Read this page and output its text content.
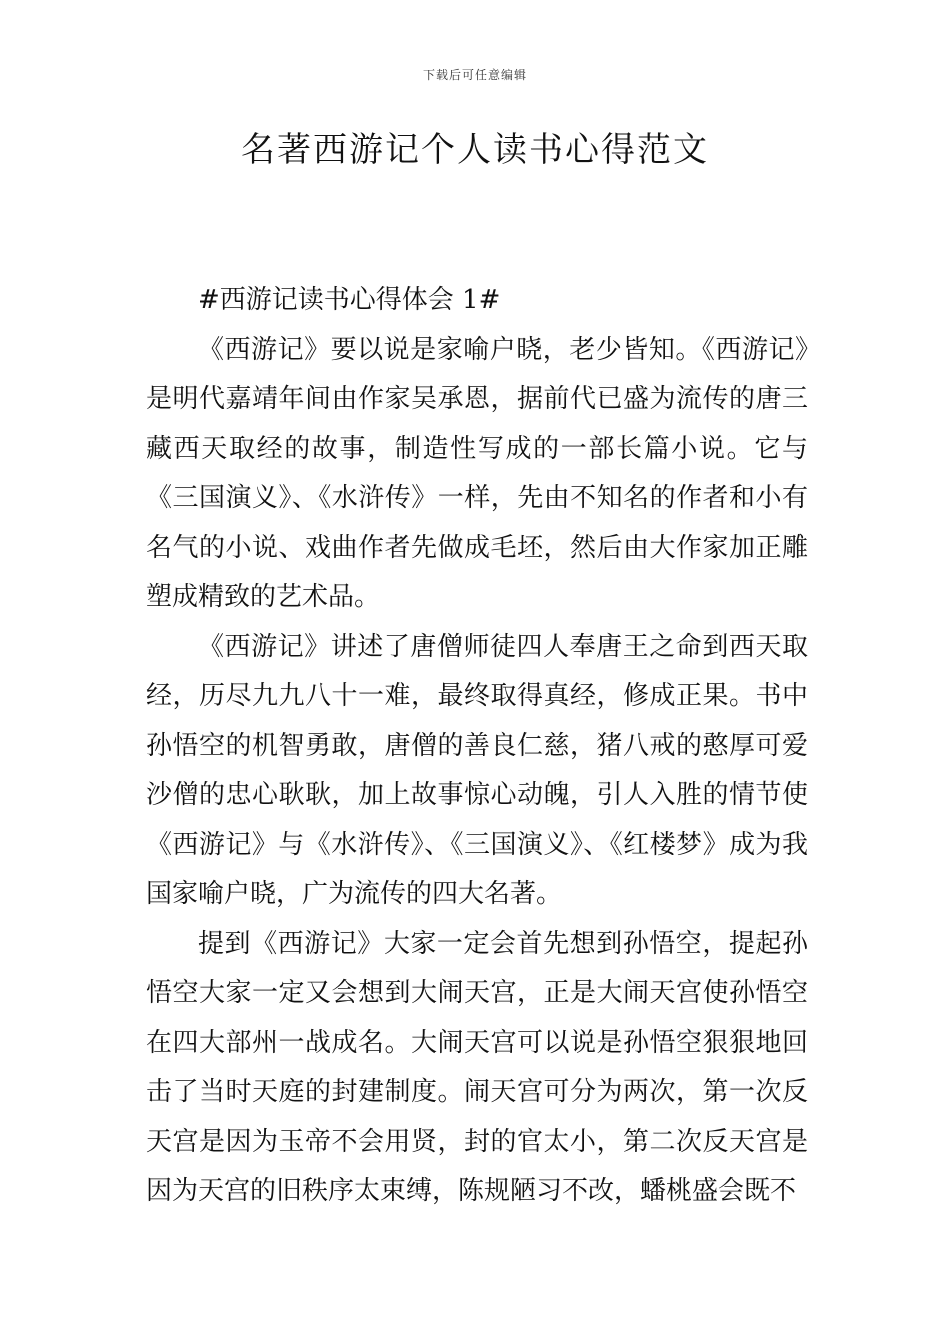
下载后可任意编辑
名著西游记个人读书心得范文

#西游记读书心得体会 1#

《西游记》要以说是家喻户晓，老少皆知。《西游记》是明代嘉靖年间由作家吴承恩，据前代已盛为流传的唐三藏西天取经的故事，制造性写成的一部长篇小说。它与《三国演义》、《水浒传》一样，先由不知名的作者和小有名气的小说、戏曲作者先做成毛坯，然后由大作家加正雕塑成精致的艺术品。

《西游记》讲述了唐僧师徒四人奉唐王之命到西天取经，历尽九九八十一难，最终取得真经，修成正果。书中孙悟空的机智勇敢，唐僧的善良仁慈，猪八戒的憨厚可爱沙僧的忠心耿耿，加上故事惊心动魄，引人入胜的情节使《西游记》与《水浒传》、《三国演义》、《红楼梦》成为我国家喻户晓，广为流传的四大名著。

提到《西游记》大家一定会首先想到孙悟空，提起孙悟空大家一定又会想到大闹天宫，正是大闹天宫使孙悟空在四大部州一战成名。大闹天宫可以说是孙悟空狠狠地回击了当时天庭的封建制度。闹天宫可分为两次，第一次反天宫是因为玉帝不会用贤，封的官太小，第二次反天宫是因为天宫的旧秩序太束缚，陈规陋习不改，蟠桃盛会既不
